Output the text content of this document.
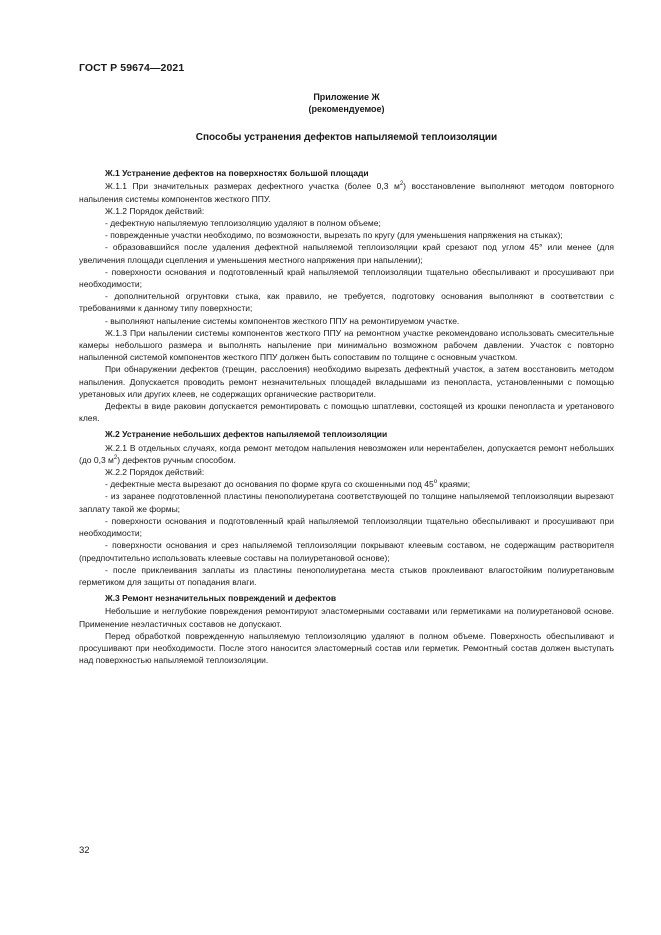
ГОСТ Р 59674—2021
Приложение Ж
(рекомендуемое)
Способы устранения дефектов напыляемой теплоизоляции
Ж.1 Устранение дефектов на поверхностях большой площади

Ж.1.1 При значительных размерах дефектного участка (более 0,3 $м^2$) восстановление выполняют методом повторного напыления системы компонентов жесткого ППУ.

Ж.1.2 Порядок действий:

- дефектную напыляемую теплоизоляцию удаляют в полном объеме;

- поврежденные участки необходимо, по возможности, вырезать по кругу (для уменьшения напряжения на стыках);

- образовавшийся после удаления дефектной напыляемой теплоизоляции край срезают под углом 45° или менее (для увеличения площади сцепления и уменьшения местного напряжения при напылении);

- поверхности основания и подготовленный край напыляемой теплоизоляции тщательно обеспыливают и просушивают при необходимости;

- дополнительной огрунтовки стыка, как правило, не требуется, подготовку основания выполняют в соответствии с требованиями к данному типу поверхности;

- выполняют напыление системы компонентов жесткого ППУ на ремонтируемом участке.

Ж.1.3 При напылении системы компонентов жесткого ППУ на ремонтном участке рекомендовано использовать смесительные камеры небольшого размера и выполнять напыление при минимально возможном рабочем давлении. Участок с повторно напыленной системой компонентов жесткого ППУ должен быть сопоставим по толщине с основным участком.

При обнаружении дефектов (трещин, расслоения) необходимо вырезать дефектный участок, а затем восстановить методом напыления. Допускается проводить ремонт незначительных площадей вкладышами из пенопласта, установленными с помощью уретановых или других клеев, не содержащих органические растворители.

Дефекты в виде раковин допускается ремонтировать с помощью шпатлевки, состоящей из крошки пенопласта и уретанового клея.

Ж.2 Устранение небольших дефектов напыляемой теплоизоляции

Ж.2.1 В отдельных случаях, когда ремонт методом напыления невозможен или нерентабелен, допускается ремонт небольших (до 0,3 $м^2$) дефектов ручным способом.

Ж.2.2 Порядок действий:

- дефектные места вырезают до основания по форме круга со скошенными под $45^о$ краями;

- из заранее подготовленной пластины пенополиуретана соответствующей по толщине напыляемой теплоизоляции вырезают заплату такой же формы;

- поверхности основания и подготовленный край напыляемой теплоизоляции тщательно обеспыливают и просушивают при необходимости;

- поверхности основания и срез напыляемой теплоизоляции покрывают клеевым составом, не содержащим растворителя (предпочтительно использовать клеевые составы на полиуретановой основе);

- после приклеивания заплаты из пластины пенополиуретана места стыков проклеивают влагостойким полиуретановым герметиком для защиты от попадания влаги.

Ж.3 Ремонт незначительных повреждений и дефектов

Небольшие и неглубокие повреждения ремонтируют эластомерными составами или герметиками на полиуретановой основе. Применение неэластичных составов не допускают.

Перед обработкой поврежденную напыляемую теплоизоляцию удаляют в полном объеме. Поверхность обеспыливают и просушивают при необходимости. После этого наносится эластомерный состав или герметик. Ремонтный состав должен выступать над поверхностью напыляемой теплоизоляции.

32
